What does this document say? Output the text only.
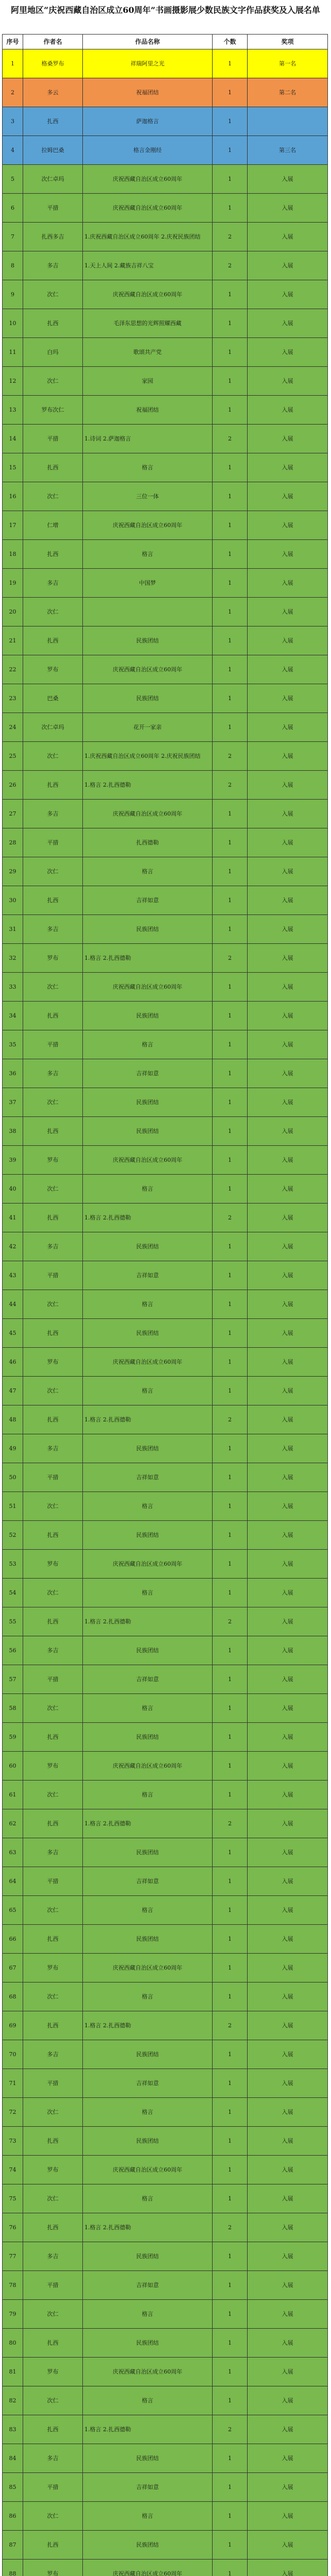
阿里地区“庆祝西藏自治区成立60周年”书画摄影展少数民族文字作品获奖及入展名单
序号	作者名	作品名称	个数	奖项
1	格桑罗布	祥瑞阿里之光	1	第一名
2	多云	祝福团结	1	第二名
3	扎西	萨迦格言	1	
4	拉姆巴桑	格言金刚经	1	第三名
5	次仁卓玛	庆祝西藏自治区成立60周年	1	入展
6	平措	庆祝西藏自治区成立60周年	1	入展
7	扎西多吉	1.庆祝西藏自治区成立60周年 2.庆祝民族团结	2	入展
8	多吉	1.天上人间 2.藏族吉祥八宝	2	入展
9	次仁	庆祝西藏自治区成立60周年	1	入展
10	扎西	毛泽东思想的光辉照耀西藏	1	入展
11	白玛	歌颂共产党	1	入展
12	次仁	家园	1	入展
13	罗布次仁	祝福团结	1	入展
14	平措	1.诗词 2.萨迦格言	2	入展
15	扎西	格言	1	入展
16	次仁	三位一体	1	入展
17	仁增	庆祝西藏自治区成立60周年	1	入展
18	扎西	格言	1	入展
19	多吉	中国梦	1	入展
20	次仁		1	入展
21	扎西	民族团结	1	入展
22	罗布	庆祝西藏自治区成立60周年	1	入展
23	巴桑	民族团结	1	入展
24	次仁卓玛	花开一家亲	1	入展
25	次仁	1.庆祝西藏自治区成立60周年 2.庆祝民族团结	2	入展
26	扎西	1.格言 2.扎西德勒	2	入展
27	多吉	庆祝西藏自治区成立60周年	1	入展
28	平措	扎西德勒	1	入展
29	次仁	格言	1	入展
30	扎西	吉祥如意	1	入展
31	多吉	民族团结	1	入展
32	罗布	1.格言 2.扎西德勒	2	入展
33	次仁	庆祝西藏自治区成立60周年	1	入展
34	扎西	民族团结	1	入展
35	平措	格言	1	入展
36	多吉	吉祥如意	1	入展
37	次仁	民族团结	1	入展
38	扎西	民族团结	1	入展
39	罗布	庆祝西藏自治区成立60周年	1	入展
40	次仁	格言	1	入展
41	扎西	1.格言 2.扎西德勒	2	入展
42	多吉	民族团结	1	入展
43	平措	吉祥如意	1	入展
44	次仁	格言	1	入展
45	扎西	民族团结	1	入展
46	罗布	庆祝西藏自治区成立60周年	1	入展
47	次仁	格言	1	入展
48	扎西	1.格言 2.扎西德勒	2	入展
49	多吉	民族团结	1	入展
50	平措	吉祥如意	1	入展
51	次仁	格言	1	入展
52	扎西	民族团结	1	入展
53	罗布	庆祝西藏自治区成立60周年	1	入展
54	次仁	格言	1	入展
55	扎西	1.格言 2.扎西德勒	2	入展
56	多吉	民族团结	1	入展
57	平措	吉祥如意	1	入展
58	次仁	格言	1	入展
59	扎西	民族团结	1	入展
60	罗布	庆祝西藏自治区成立60周年	1	入展
61	次仁	格言	1	入展
62	扎西	1.格言 2.扎西德勒	2	入展
63	多吉	民族团结	1	入展
64	平措	吉祥如意	1	入展
65	次仁	格言	1	入展
66	扎西	民族团结	1	入展
67	罗布	庆祝西藏自治区成立60周年	1	入展
68	次仁	格言	1	入展
69	扎西	1.格言 2.扎西德勒	2	入展
70	多吉	民族团结	1	入展
71	平措	吉祥如意	1	入展
72	次仁	格言	1	入展
73	扎西	民族团结	1	入展
74	罗布	庆祝西藏自治区成立60周年	1	入展
75	次仁	格言	1	入展
76	扎西	1.格言 2.扎西德勒	2	入展
77	多吉	民族团结	1	入展
78	平措	吉祥如意	1	入展
79	次仁	格言	1	入展
80	扎西	民族团结	1	入展
81	罗布	庆祝西藏自治区成立60周年	1	入展
82	次仁	格言	1	入展
83	扎西	1.格言 2.扎西德勒	2	入展
84	多吉	民族团结	1	入展
85	平措	吉祥如意	1	入展
86	次仁	格言	1	入展
87	扎西	民族团结	1	入展
88	罗布	庆祝西藏自治区成立60周年	1	入展
